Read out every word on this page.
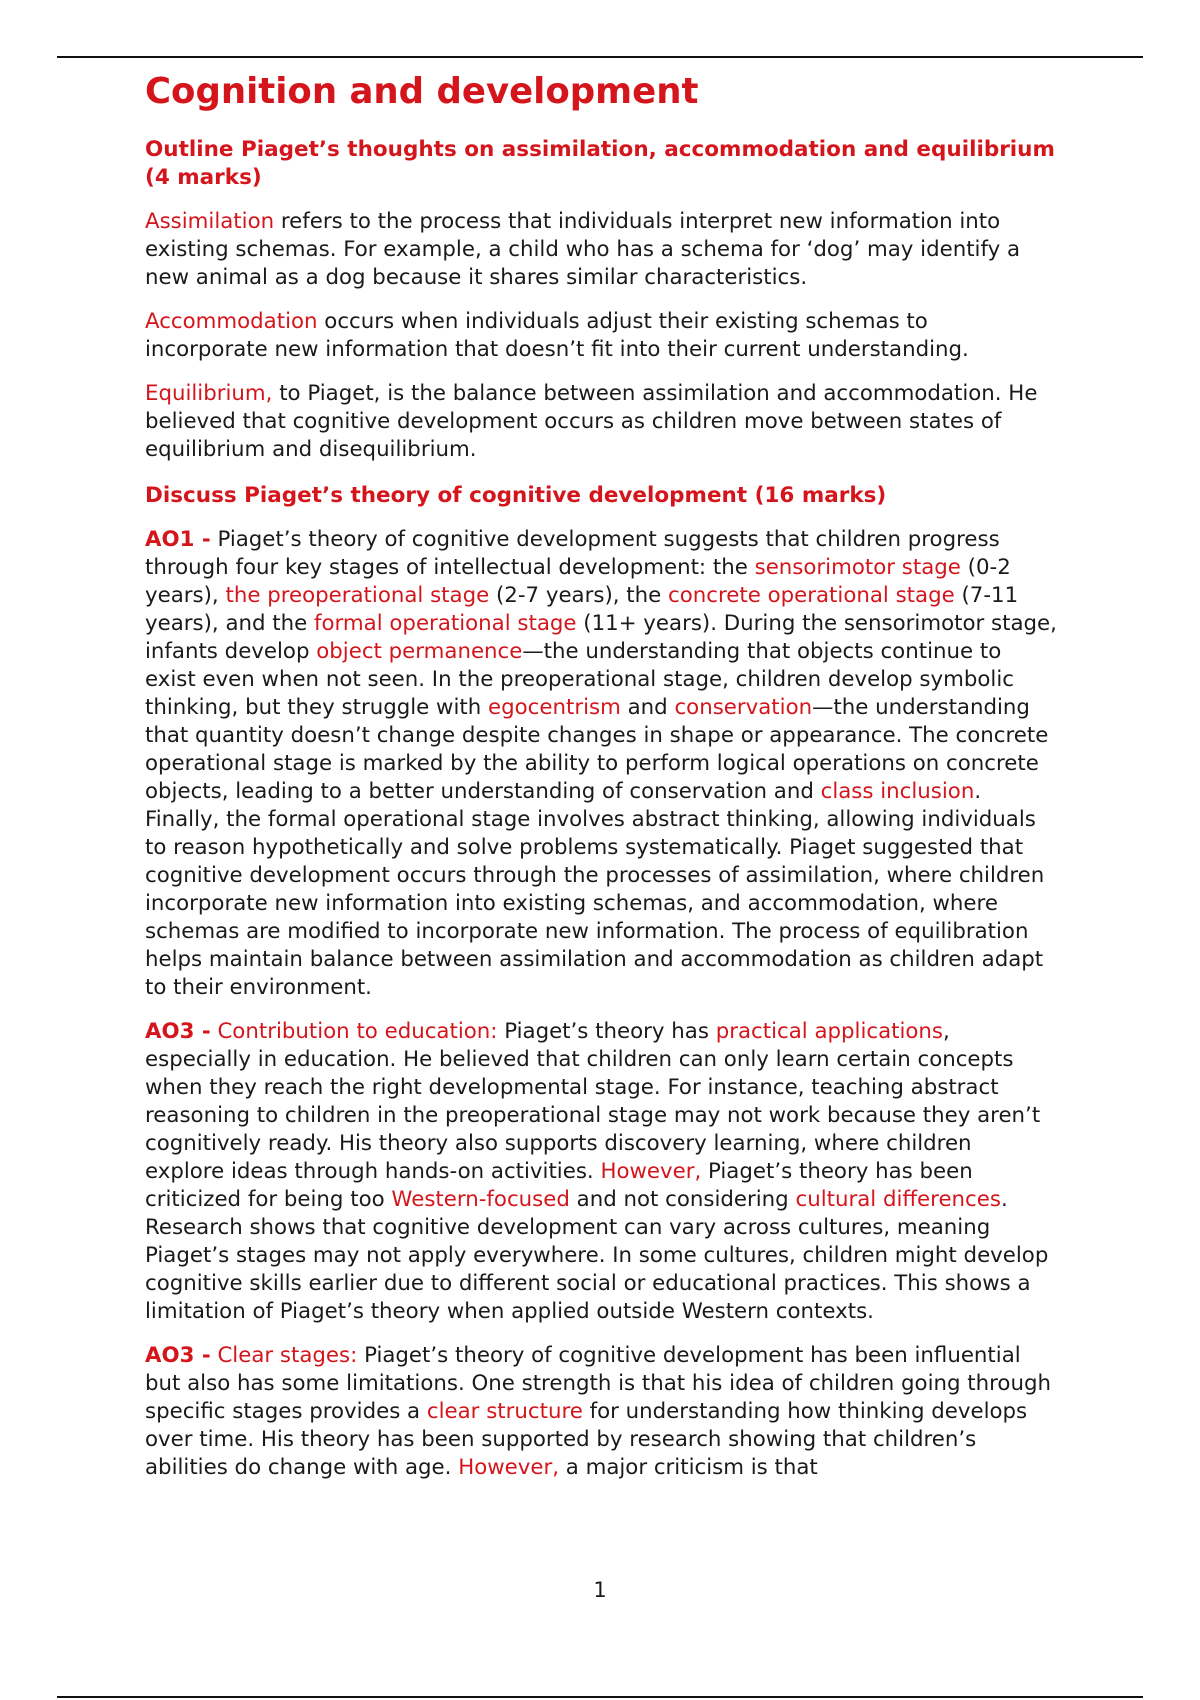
Cognition and development
Outline Piaget’s thoughts on assimilation, accommodation and equilibrium (4 marks)

Assimilation refers to the process that individuals interpret new information into existing schemas. For example, a child who has a schema for ‘dog’ may identify a new animal as a dog because it shares similar characteristics.

Accommodation occurs when individuals adjust their existing schemas to incorporate new information that doesn’t fit into their current understanding.

Equilibrium, to Piaget, is the balance between assimilation and accommodation. He believed that cognitive development occurs as children move between states of equilibrium and disequilibrium.

Discuss Piaget’s theory of cognitive development (16 marks)

AO1 - Piaget’s theory of cognitive development suggests that children progress through four key stages of intellectual development: the sensorimotor stage (0-2 years), the preoperational stage (2-7 years), the concrete operational stage (7-11 years), and the formal operational stage (11+ years). During the sensorimotor stage, infants develop object permanence—the understanding that objects continue to exist even when not seen. In the preoperational stage, children develop symbolic thinking, but they struggle with egocentrism and conservation—the understanding that quantity doesn’t change despite changes in shape or appearance. The concrete operational stage is marked by the ability to perform logical operations on concrete objects, leading to a better understanding of conservation and class inclusion. Finally, the formal operational stage involves abstract thinking, allowing individuals to reason hypothetically and solve problems systematically. Piaget suggested that cognitive development occurs through the processes of assimilation, where children incorporate new information into existing schemas, and accommodation, where schemas are modified to incorporate new information. The process of equilibration helps maintain balance between assimilation and accommodation as children adapt to their environment.

AO3 - Contribution to education: Piaget’s theory has practical applications, especially in education. He believed that children can only learn certain concepts when they reach the right developmental stage. For instance, teaching abstract reasoning to children in the preoperational stage may not work because they aren’t cognitively ready. His theory also supports discovery learning, where children explore ideas through hands-on activities. However, Piaget’s theory has been criticized for being too Western-focused and not considering cultural differences. Research shows that cognitive development can vary across cultures, meaning Piaget’s stages may not apply everywhere. In some cultures, children might develop cognitive skills earlier due to different social or educational practices. This shows a limitation of Piaget’s theory when applied outside Western contexts.

AO3 - Clear stages: Piaget’s theory of cognitive development has been influential but also has some limitations. One strength is that his idea of children going through specific stages provides a clear structure for understanding how thinking develops over time. His theory has been supported by research showing that children’s abilities do change with age. However, a major criticism is that

1
